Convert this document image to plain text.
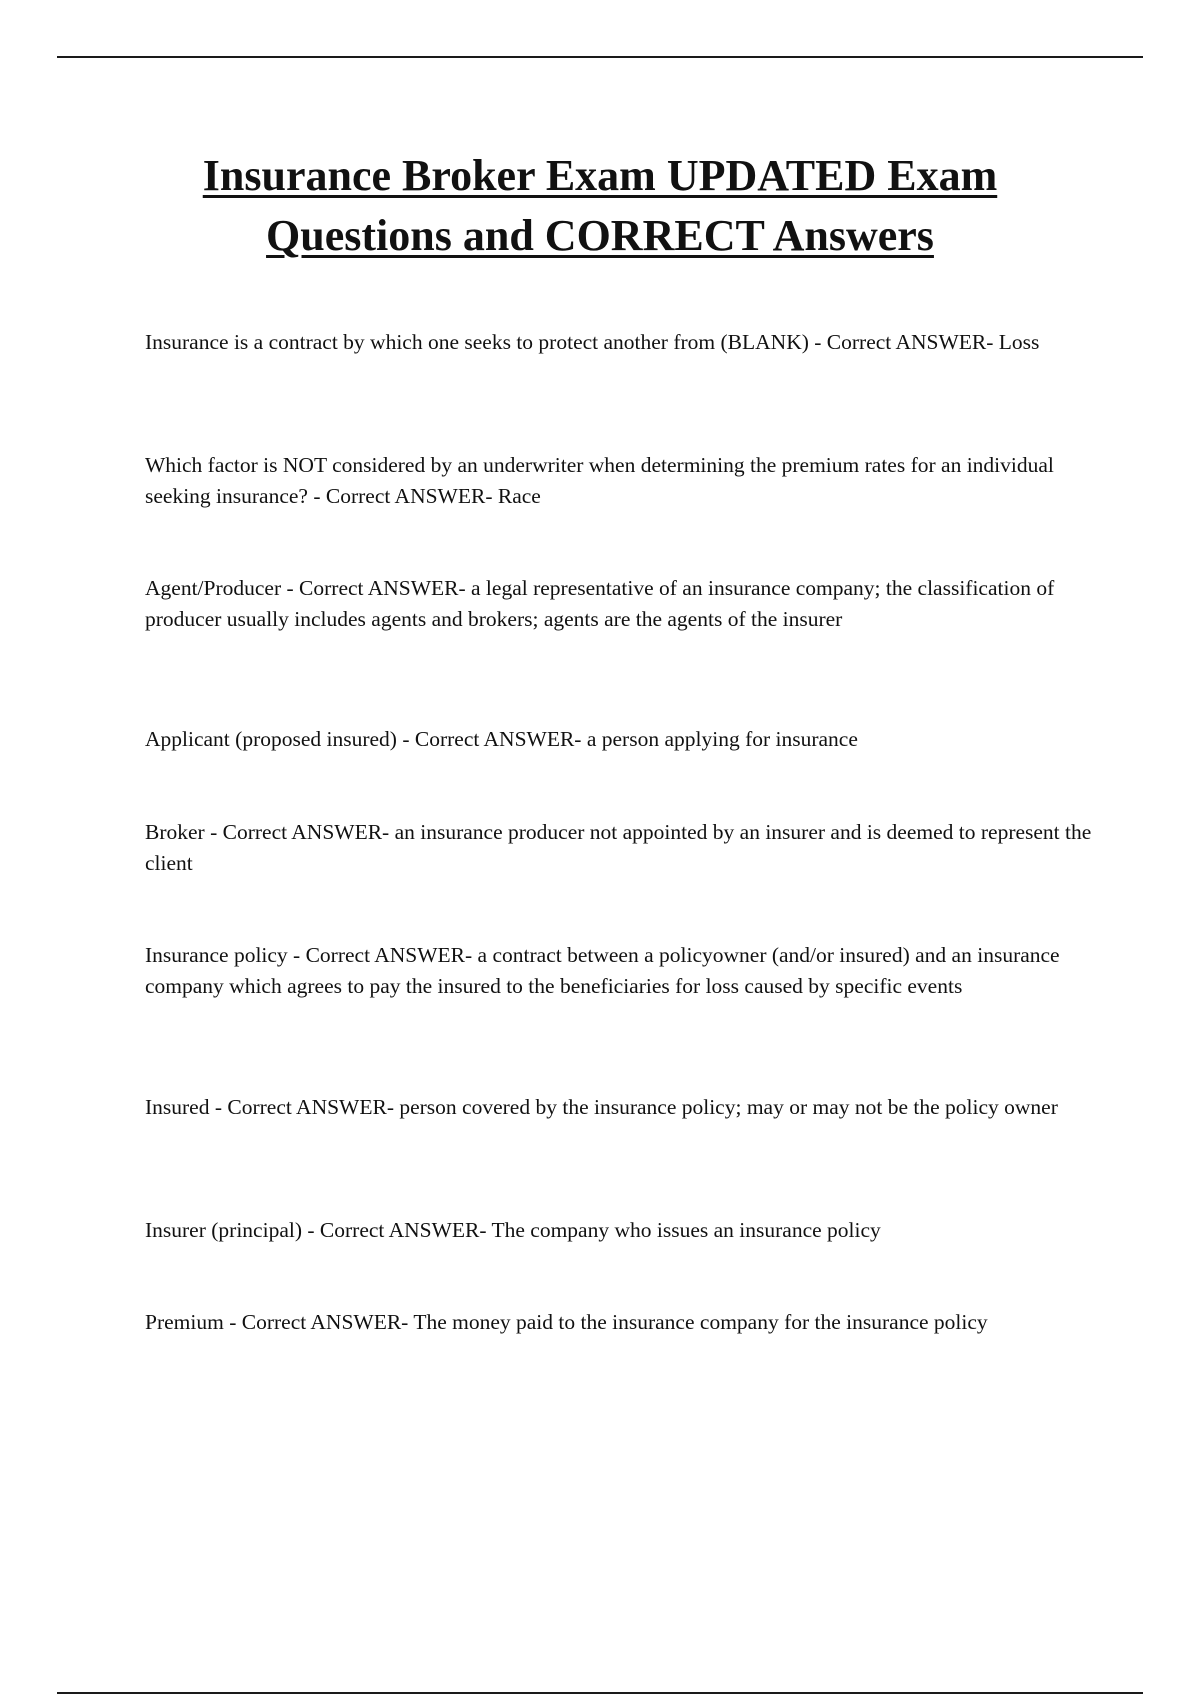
Insurance Broker Exam UPDATED Exam
Questions and CORRECT Answers
Insurance is a contract by which one seeks to protect another from (BLANK) - Correct ANSWER- Loss
Which factor is NOT considered by an underwriter when determining the premium rates for an individual seeking insurance? - Correct ANSWER- Race
Agent/Producer - Correct ANSWER- a legal representative of an insurance company; the classification of producer usually includes agents and brokers; agents are the agents of the insurer
Applicant (proposed insured) - Correct ANSWER- a person applying for insurance
Broker - Correct ANSWER- an insurance producer not appointed by an insurer and is deemed to represent the client
Insurance policy - Correct ANSWER- a contract between a policyowner (and/or insured) and an insurance company which agrees to pay the insured to the beneficiaries for loss caused by specific events
Insured - Correct ANSWER- person covered by the insurance policy; may or may not be the policy owner
Insurer (principal) - Correct ANSWER- The company who issues an insurance policy
Premium - Correct ANSWER- The money paid to the insurance company for the insurance policy
